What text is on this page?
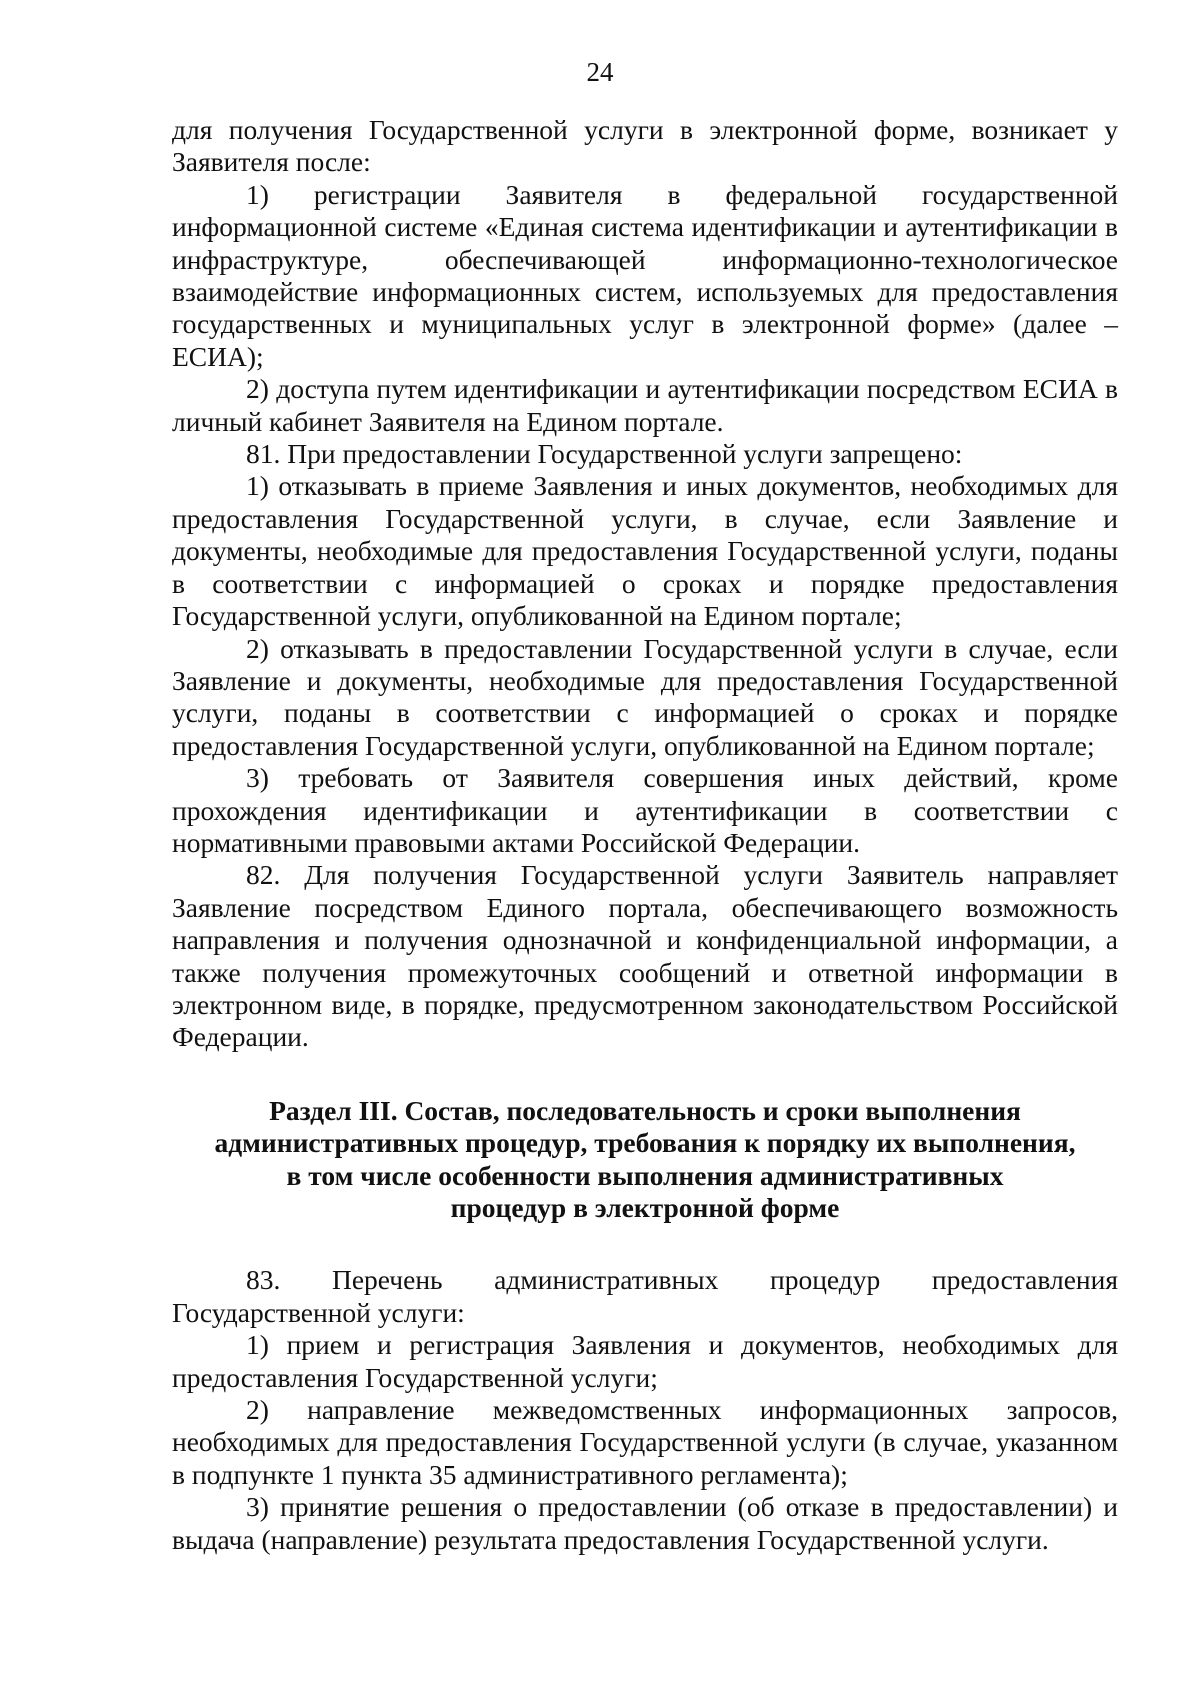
24

для получения Государственной услуги в электронной форме, возникает у Заявителя после:

1) регистрации Заявителя в федеральной государственной информационной системе «Единая система идентификации и аутентификации в инфраструктуре, обеспечивающей информационно-технологическое взаимодействие информационных систем, используемых для предоставления государственных и муниципальных услуг в электронной форме» (далее – ЕСИА);

2) доступа путем идентификации и аутентификации посредством ЕСИА в личный кабинет Заявителя на Едином портале.

81. При предоставлении Государственной услуги запрещено:

1) отказывать в приеме Заявления и иных документов, необходимых для предоставления Государственной услуги, в случае, если Заявление и документы, необходимые для предоставления Государственной услуги, поданы в соответствии с информацией о сроках и порядке предоставления Государственной услуги, опубликованной на Едином портале;

2) отказывать в предоставлении Государственной услуги в случае, если Заявление и документы, необходимые для предоставления Государственной услуги, поданы в соответствии с информацией о сроках и порядке предоставления Государственной услуги, опубликованной на Едином портале;

3) требовать от Заявителя совершения иных действий, кроме прохождения идентификации и аутентификации в соответствии с нормативными правовыми актами Российской Федерации.

82. Для получения Государственной услуги Заявитель направляет Заявление посредством Единого портала, обеспечивающего возможность направления и получения однозначной и конфиденциальной информации, а также получения промежуточных сообщений и ответной информации в электронном виде, в порядке, предусмотренном законодательством Российской Федерации.

Раздел III. Состав, последовательность и сроки выполнения
административных процедур, требования к порядку их выполнения,
в том числе особенности выполнения административных
процедур в электронной форме

83. Перечень административных процедур предоставления Государственной услуги:

1) прием и регистрация Заявления и документов, необходимых для предоставления Государственной услуги;

2) направление межведомственных информационных запросов, необходимых для предоставления Государственной услуги (в случае, указанном в подпункте 1 пункта 35 административного регламента);

3) принятие решения о предоставлении (об отказе в предоставлении) и выдача (направление) результата предоставления Государственной услуги.
